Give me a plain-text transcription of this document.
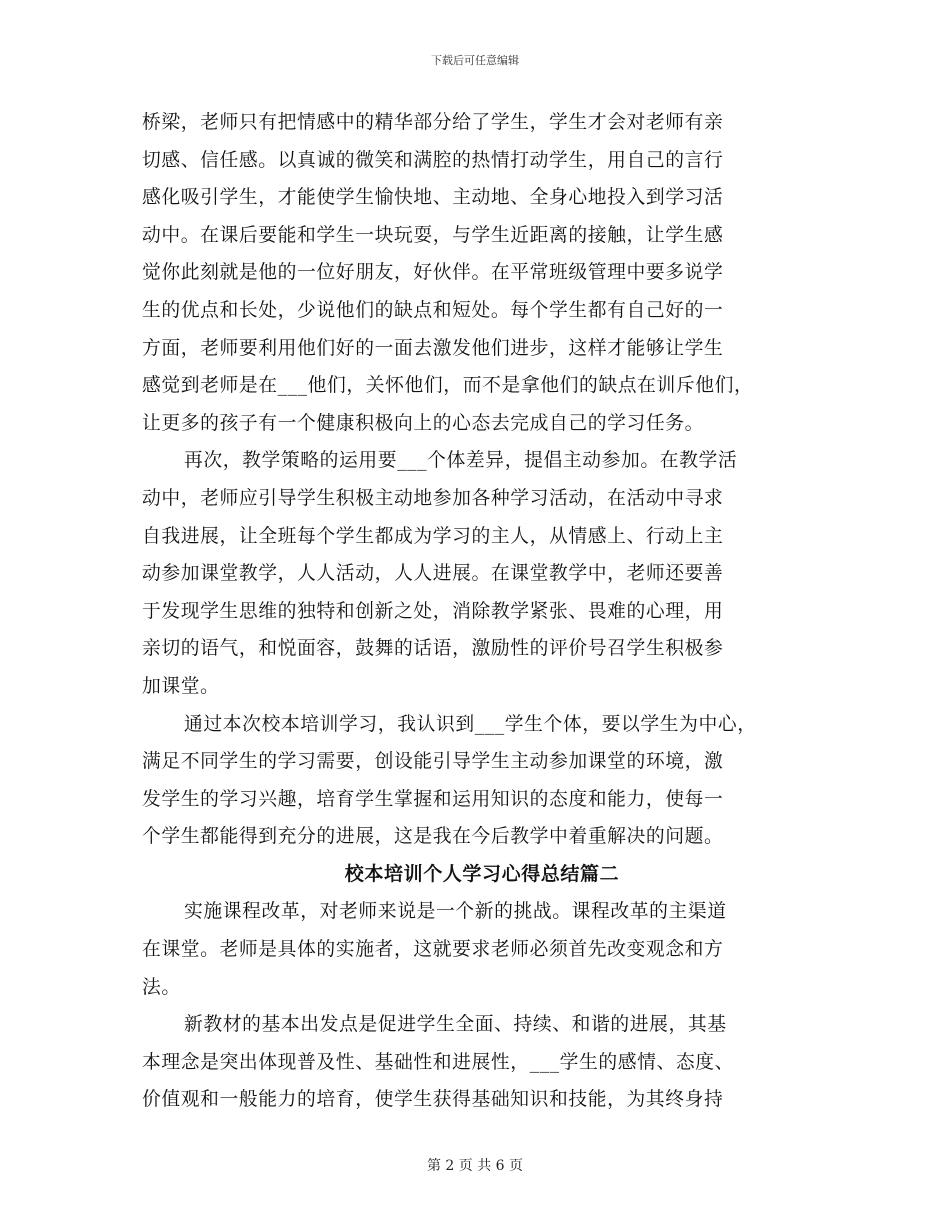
下载后可任意编辑
桥梁，老师只有把情感中的精华部分给了学生，学生才会对老师有亲
切感、信任感。以真诚的微笑和满腔的热情打动学生，用自己的言行
感化吸引学生，才能使学生愉快地、主动地、全身心地投入到学习活
动中。在课后要能和学生一块玩耍，与学生近距离的接触，让学生感
觉你此刻就是他的一位好朋友，好伙伴。在平常班级管理中要多说学
生的优点和长处，少说他们的缺点和短处。每个学生都有自己好的一
方面，老师要利用他们好的一面去激发他们进步，这样才能够让学生
感觉到老师是在___他们，关怀他们，而不是拿他们的缺点在训斥他们，
让更多的孩子有一个健康积极向上的心态去完成自己的学习任务。
再次，教学策略的运用要___个体差异，提倡主动参加。在教学活
动中，老师应引导学生积极主动地参加各种学习活动，在活动中寻求
自我进展，让全班每个学生都成为学习的主人，从情感上、行动上主
动参加课堂教学，人人活动，人人进展。在课堂教学中，老师还要善
于发现学生思维的独特和创新之处，消除教学紧张、畏难的心理，用
亲切的语气，和悦面容，鼓舞的话语，激励性的评价号召学生积极参
加课堂。
通过本次校本培训学习，我认识到___学生个体，要以学生为中心，
满足不同学生的学习需要，创设能引导学生主动参加课堂的环境，激
发学生的学习兴趣，培育学生掌握和运用知识的态度和能力，使每一
个学生都能得到充分的进展，这是我在今后教学中着重解决的问题。
校本培训个人学习心得总结篇二
实施课程改革，对老师来说是一个新的挑战。课程改革的主渠道
在课堂。老师是具体的实施者，这就要求老师必须首先改变观念和方
法。
新教材的基本出发点是促进学生全面、持续、和谐的进展，其基
本理念是突出体现普及性、基础性和进展性，___学生的感情、态度、
价值观和一般能力的培育，使学生获得基础知识和技能，为其终身持
第 2 页 共 6 页
